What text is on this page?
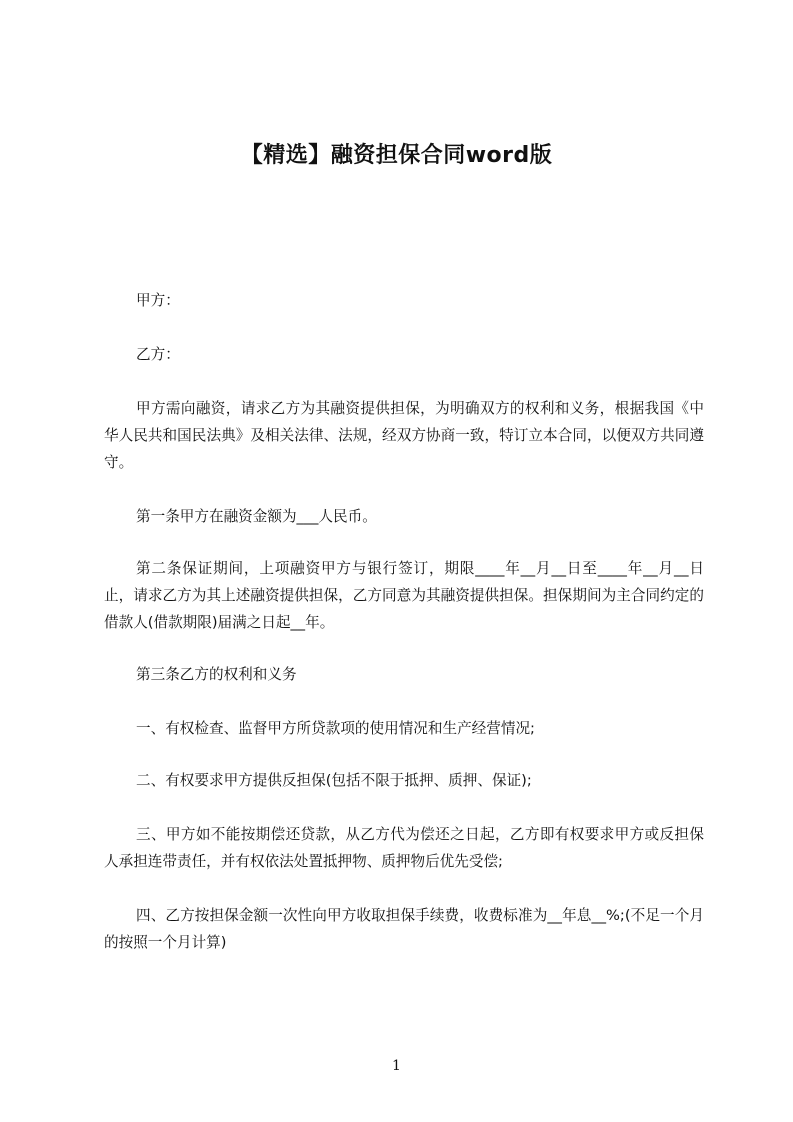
【精选】融资担保合同word版
甲方：
乙方：
甲方需向融资，请求乙方为其融资提供担保，为明确双方的权利和义务，根据我国《中华人民共和国民法典》及相关法律、法规，经双方协商一致，特订立本合同，以便双方共同遵守。
第一条甲方在融资金额为___人民币。
第二条保证期间，上项融资甲方与银行签订，期限____年__月__日至____年__月__日止，请求乙方为其上述融资提供担保，乙方同意为其融资提供担保。担保期间为主合同约定的借款人(借款期限)届满之日起__年。
第三条乙方的权利和义务
一、有权检查、监督甲方所贷款项的使用情况和生产经营情况;
二、有权要求甲方提供反担保(包括不限于抵押、质押、保证);
三、甲方如不能按期偿还贷款，从乙方代为偿还之日起，乙方即有权要求甲方或反担保人承担连带责任，并有权依法处置抵押物、质押物后优先受偿;
四、乙方按担保金额一次性向甲方收取担保手续费，收费标准为__年息__%;(不足一个月的按照一个月计算)
1
